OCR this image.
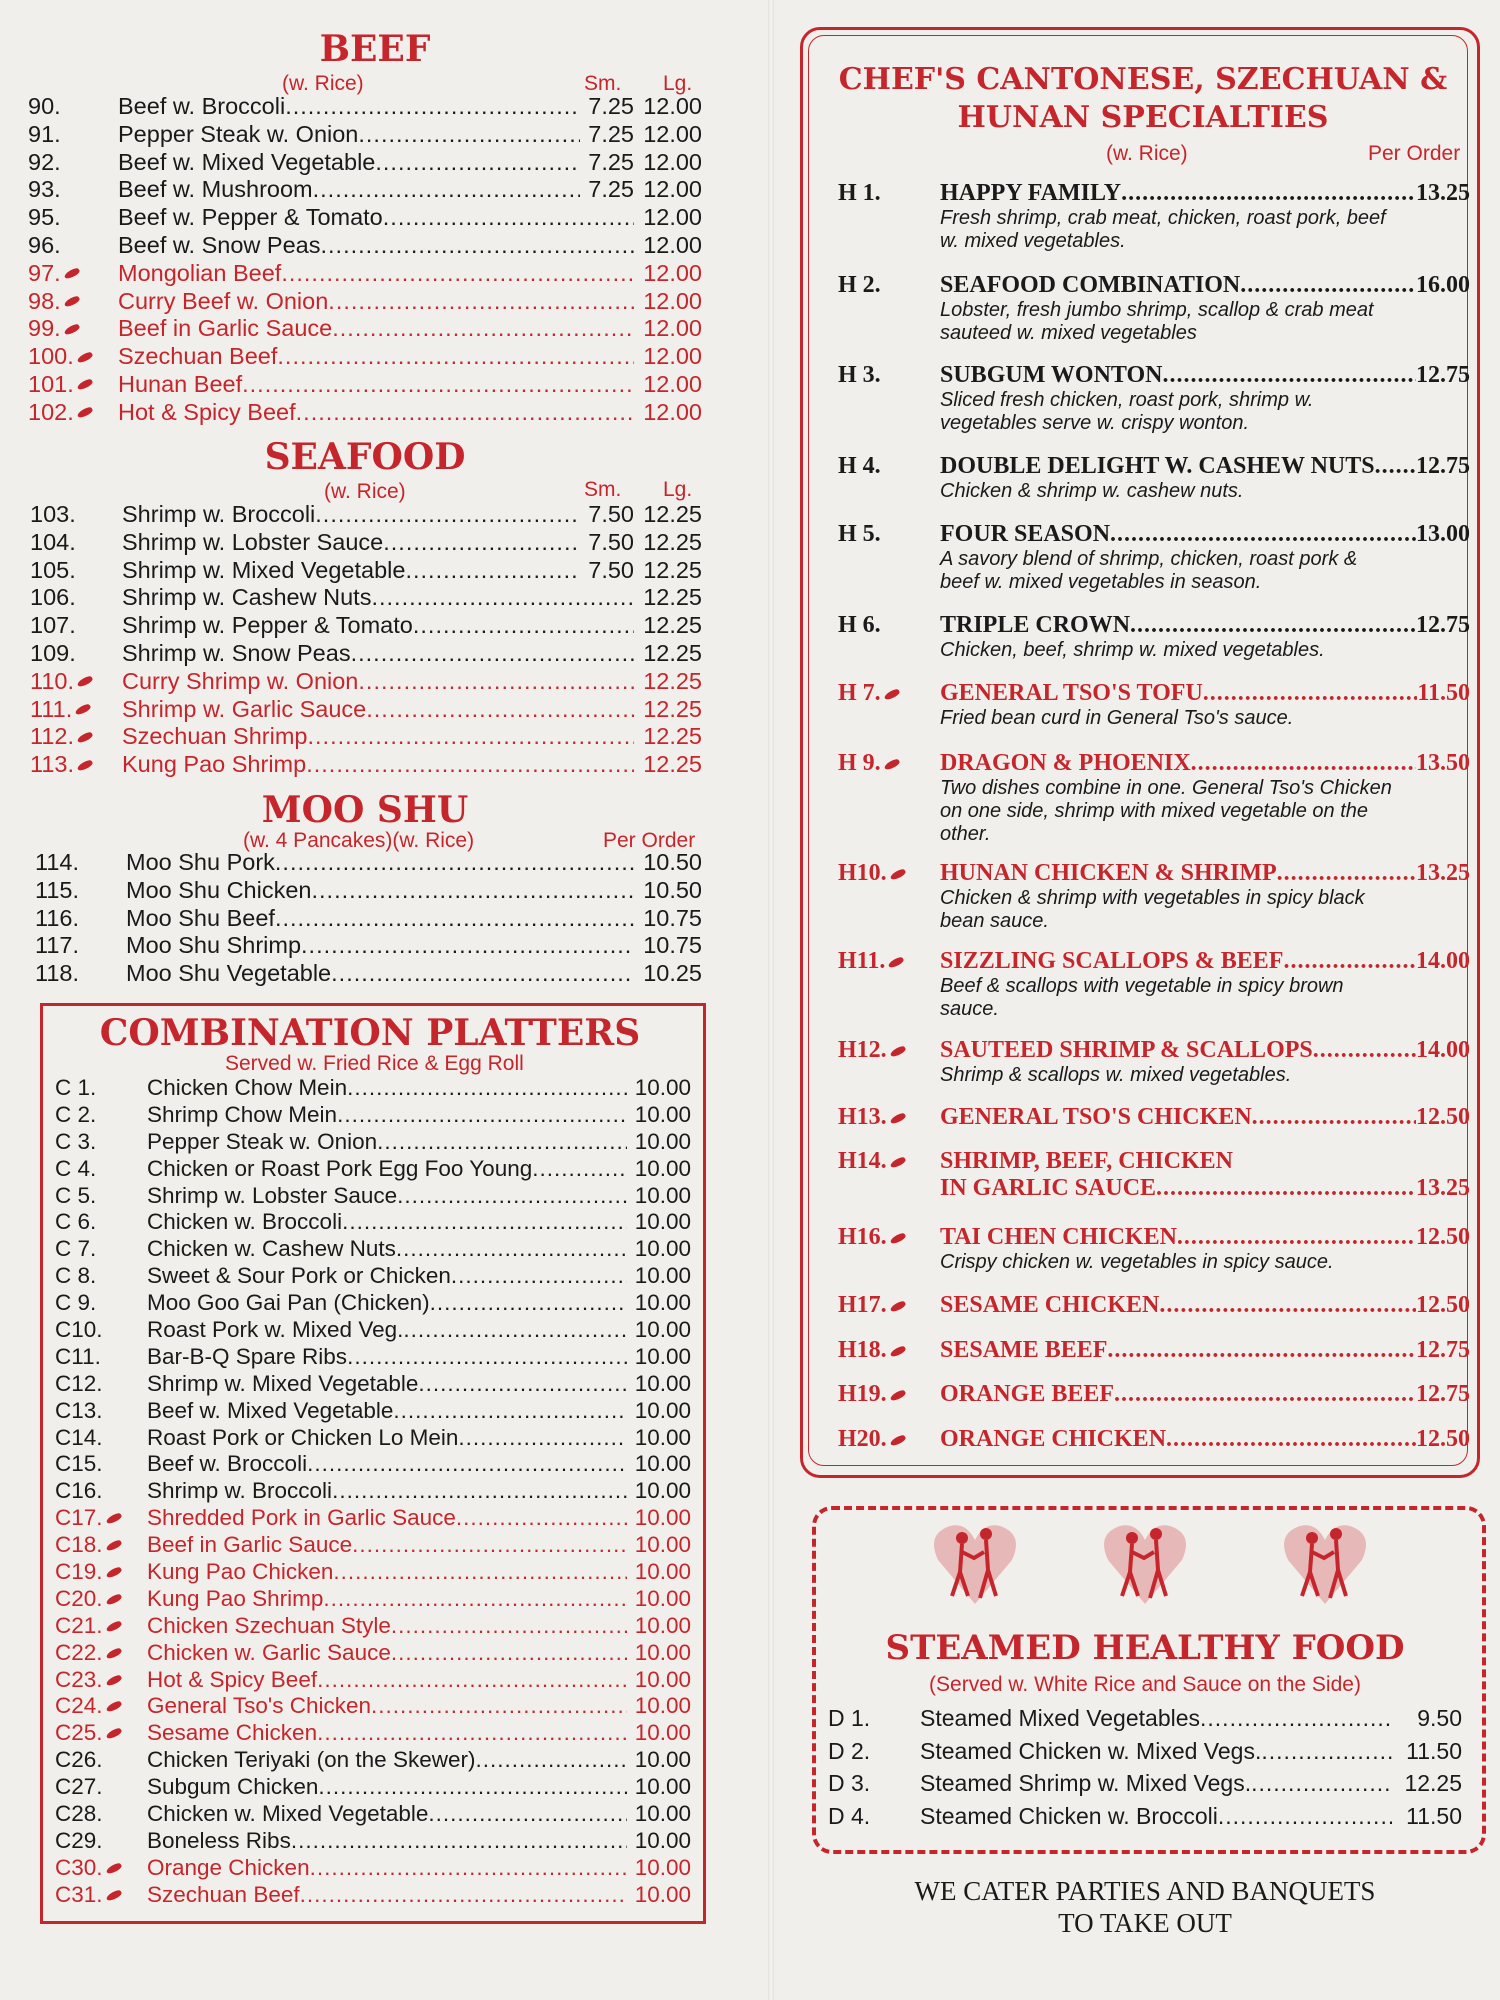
BEEF
(w. Rice)	Sm. Lg.
90. Beef w. Broccoli .....	7.25 12.00
91. Pepper Steak w. Onion .....	7.25 12.00
92. Beef w. Mixed Vegetable .....	7.25 12.00
93. Beef w. Mushroom .....	7.25 12.00
95. Beef w. Pepper & Tomato .....	12.00
96. Beef w. Snow Peas .....	12.00
97. Mongolian Beef .....	12.00
98. Curry Beef w. Onion .....	12.00
99. Beef in Garlic Sauce .....	12.00
100. Szechuan Beef .....	12.00
101. Hunan Beef .....	12.00
102. Hot & Spicy Beef .....	12.00
SEAFOOD
(w. Rice)	Sm. Lg.
103. Shrimp w. Broccoli .....	7.50 12.25
104. Shrimp w. Lobster Sauce .....	7.50 12.25
105. Shrimp w. Mixed Vegetable .....	7.50 12.25
106. Shrimp w. Cashew Nuts .....	12.25
107. Shrimp w. Pepper & Tomato .....	12.25
109. Shrimp w. Snow Peas .....	12.25
110. Curry Shrimp w. Onion .....	12.25
111. Shrimp w. Garlic Sauce .....	12.25
112. Szechuan Shrimp .....	12.25
113. Kung Pao Shrimp .....	12.25
MOO SHU
(w. 4 Pancakes)(w. Rice)	Per Order
114. Moo Shu Pork .....	10.50
115. Moo Shu Chicken .....	10.50
116. Moo Shu Beef .....	10.75
117. Moo Shu Shrimp .....	10.75
118. Moo Shu Vegetable .....	10.25
COMBINATION PLATTERS
Served w. Fried Rice & Egg Roll
C 1. Chicken Chow Mein .....	10.00
C 2. Shrimp Chow Mein .....	10.00
C 3. Pepper Steak w. Onion .....	10.00
C 4. Chicken or Roast Pork Egg Foo Young .....	10.00
C 5. Shrimp w. Lobster Sauce .....	10.00
C 6. Chicken w. Broccoli .....	10.00
C 7. Chicken w. Cashew Nuts .....	10.00
C 8. Sweet & Sour Pork or Chicken .....	10.00
C 9. Moo Goo Gai Pan (Chicken) .....	10.00
C10. Roast Pork w. Mixed Veg. .....	10.00
C11. Bar-B-Q Spare Ribs .....	10.00
C12. Shrimp w. Mixed Vegetable .....	10.00
C13. Beef w. Mixed Vegetable .....	10.00
C14. Roast Pork or Chicken Lo Mein .....	10.00
C15. Beef w. Broccoli .....	10.00
C16. Shrimp w. Broccoli .....	10.00
C17. Shredded Pork in Garlic Sauce .....	10.00
C18. Beef in Garlic Sauce .....	10.00
C19. Kung Pao Chicken .....	10.00
C20. Kung Pao Shrimp .....	10.00
C21. Chicken Szechuan Style .....	10.00
C22. Chicken w. Garlic Sauce .....	10.00
C23. Hot & Spicy Beef .....	10.00
C24. General Tso's Chicken .....	10.00
C25. Sesame Chicken .....	10.00
C26. Chicken Teriyaki (on the Skewer) .....	10.00
C27. Subgum Chicken .....	10.00
C28. Chicken w. Mixed Vegetable .....	10.00
C29. Boneless Ribs .....	10.00
C30. Orange Chicken .....	10.00
C31. Szechuan Beef .....	10.00
CHEF'S CANTONESE, SZECHUAN &
HUNAN SPECIALTIES
(w. Rice)	Per Order
H 1.	HAPPY FAMILY .....	13.25
Fresh shrimp, crab meat, chicken, roast pork, beef w. mixed vegetables.
H 2.	SEAFOOD COMBINATION .....	16.00
Lobster, fresh jumbo shrimp, scallop & crab meat sauteed w. mixed vegetables
H 3.	SUBGUM WONTON .....	12.75
Sliced fresh chicken, roast pork, shrimp w. vegetables serve w. crispy wonton.
H 4.	DOUBLE DELIGHT W. CASHEW NUTS ..... 12.75
Chicken & shrimp w. cashew nuts.
H 5.	FOUR SEASON .....	13.00
A savory blend of shrimp, chicken, roast pork & beef w. mixed vegetables in season.
H 6.	TRIPLE CROWN .....	12.75
Chicken, beef, shrimp w. mixed vegetables.
H 7.	GENERAL TSO'S TOFU .....	11.50
Fried bean curd in General Tso's sauce.
H 9.	DRAGON & PHOENIX .....	13.50
Two dishes combine in one. General Tso's Chicken on one side, shrimp with mixed vegetable on the other.
H10.	HUNAN CHICKEN & SHRIMP .....	13.25
Chicken & shrimp with vegetables in spicy black bean sauce.
H11.	SIZZLING SCALLOPS & BEEF .....	14.00
Beef & scallops with vegetable in spicy brown sauce.
H12.	SAUTEED SHRIMP & SCALLOPS .....	14.00
Shrimp & scallops w. mixed vegetables.
H13.	GENERAL TSO'S CHICKEN .....	12.50
H14.	SHRIMP, BEEF, CHICKEN
IN GARLIC SAUCE .....	13.25
H16.	TAI CHEN CHICKEN .....	12.50
Crispy chicken w. vegetables in spicy sauce.
H17.	SESAME CHICKEN .....	12.50
H18.	SESAME BEEF .....	12.75
H19.	ORANGE BEEF .....	12.75
H20.	ORANGE CHICKEN .....	12.50
STEAMED HEALTHY FOOD
(Served w. White Rice and Sauce on the Side)
D 1. Steamed Mixed Vegetables .....	9.50
D 2. Steamed Chicken w. Mixed Vegs. .....	11.50
D 3. Steamed Shrimp w. Mixed Vegs. .....	12.25
D 4. Steamed Chicken w. Broccoli .....	11.50
WE CATER PARTIES AND BANQUETS
TO TAKE OUT
